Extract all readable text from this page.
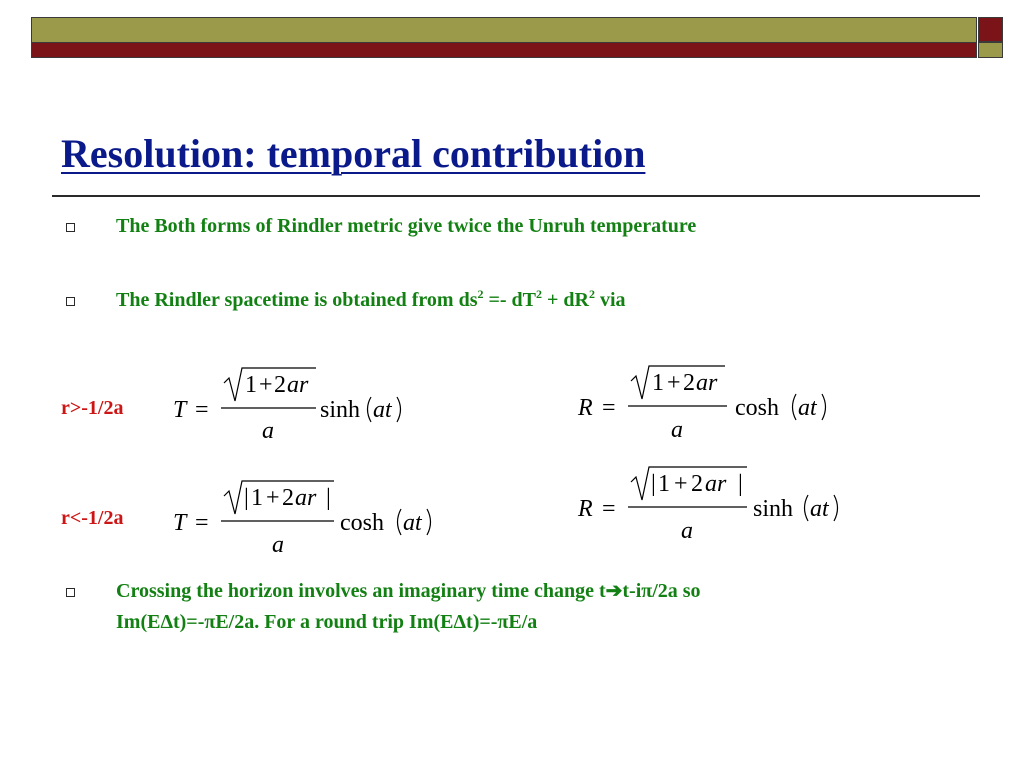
Resolution: temporal contribution

The Both forms of Rindler metric give twice the Unruh temperature

The Rindler spacetime is obtained from $ds^2 =- dT^2 + dR^2$ via

r>-1/2a
r<-1/2a
T =
1 + 2 ar
a
sinh at	R =
1 + 2 ar
a
cosh at
T =
| 1 + 2 ar |
a
cosh at
R =
| 1 + 2 ar |
a
sinh at

Crossing the horizon involves an imaginary time change t➔t-iπ/2a so
Im(EΔt)=-πE/2a. For a round trip Im(EΔt)=-πE/a
